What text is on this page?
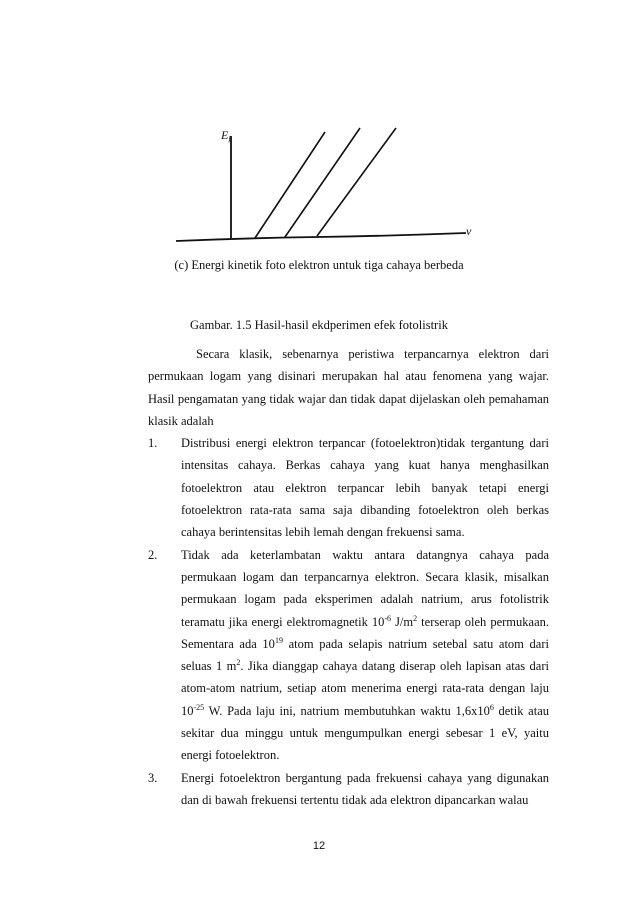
$E_k$
v
(c) Energi kinetik foto elektron untuk tiga cahaya berbeda
Gambar. 1.5 Hasil-hasil ekdperimen efek fotolistrik

Secara klasik, sebenarnya peristiwa terpancarnya elektron dari permukaan logam yang disinari merupakan hal atau fenomena yang wajar. Hasil pengamatan yang tidak wajar dan tidak dapat dijelaskan oleh pemahaman klasik adalah

1.	Distribusi energi elektron terpancar (fotoelektron)tidak tergantung dari intensitas cahaya. Berkas cahaya yang kuat hanya menghasilkan fotoelektron atau elektron terpancar lebih banyak tetapi energi fotoelektron rata-rata sama saja dibanding fotoelektron oleh berkas cahaya berintensitas lebih lemah dengan frekuensi sama.
2.	Tidak ada keterlambatan waktu antara datangnya cahaya pada permukaan logam dan terpancarnya elektron. Secara klasik, misalkan permukaan logam pada eksperimen adalah natrium, arus fotolistrik teramatu jika energi elektromagnetik $10^{-6}$ $J/m^2$ terserap oleh permukaan. Sementara ada $10^{19}$ atom pada selapis natrium setebal satu atom dari seluas 1 $m^2$. Jika dianggap cahaya datang diserap oleh lapisan atas dari atom-atom natrium, setiap atom menerima energi rata-rata dengan laju $10^{-25}$ W. Pada laju ini, natrium membutuhkan waktu $1,6x10^6$ detik atau sekitar dua minggu untuk mengumpulkan energi sebesar 1 eV, yaitu energi fotoelektron.
3.	Energi fotoelektron bergantung pada frekuensi cahaya yang digunakan dan di bawah frekuensi tertentu tidak ada elektron dipancarkan walau
12
